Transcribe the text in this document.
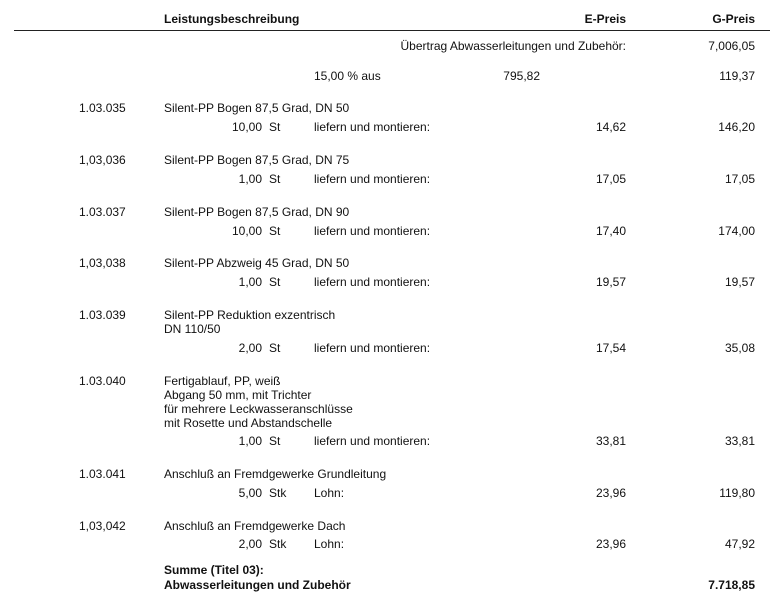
Leistungsbeschreibung	E-Preis	G-Preis
Übertrag Abwasserleitungen und Zubehör:	7,006,05
15,00 % aus	795,82	119,37
1.03.035	Silent-PP Bogen 87,5 Grad, DN 50
10,00 St	liefern und montieren:	14,62	146,20
1,03,036	Silent-PP Bogen 87,5 Grad, DN 75
1,00 St	liefern und montieren:	17,05	17,05
1.03.037	Silent-PP Bogen 87,5 Grad, DN 90
10,00 St	liefern und montieren:	17,40	174,00
1,03,038	Silent-PP Abzweig 45 Grad, DN 50
1,00 St	liefern und montieren:	19,57	19,57
1.03.039	Silent-PP Reduktion exzentrisch
DN 110/50
2,00 St	liefern und montieren:	17,54	35,08
1.03.040	Fertigablauf, PP, weiß
Abgang 50 mm, mit Trichter
für mehrere Leckwasseranschlüsse
mit Rosette und Abstandschelle
1,00 St	liefern und montieren:	33,81	33,81
1.03.041	Anschluß an Fremdgewerke Grundleitung
5,00 Stk Lohn:	23,96	119,80
1,03,042	Anschluß an Fremdgewerke Dach
2,00 Stk Lohn:	23,96	47,92
Summe (Titel 03):
Abwasserleitungen und Zubehör	7.718,85
